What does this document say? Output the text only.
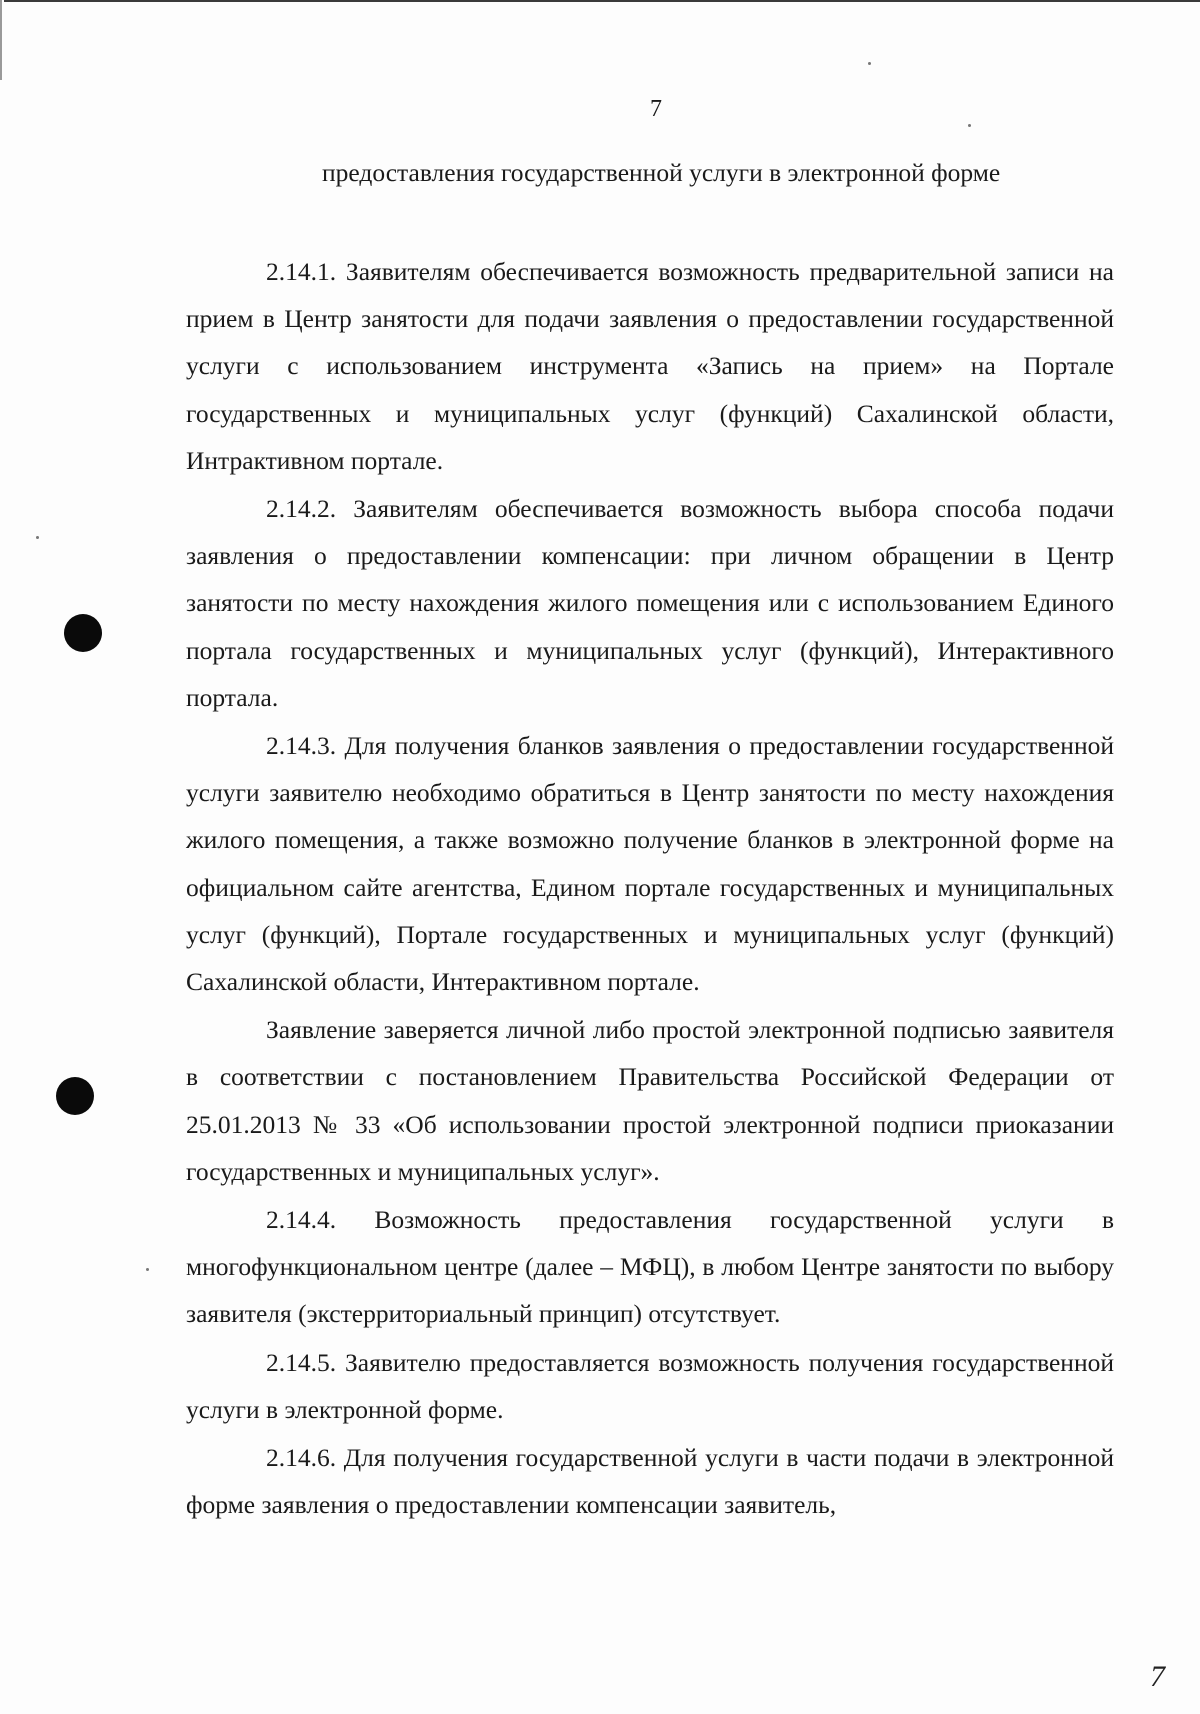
7
предоставления государственной услуги в электронной форме

2.14.1. Заявителям обеспечивается возможность предварительной записи на прием в Центр занятости для подачи заявления о предоставлении государственной услуги с использованием инструмента «Запись на прием» на Портале государственных и муниципальных услуг (функций) Сахалинской области, Интрактивном портале.

2.14.2. Заявителям обеспечивается возможность выбора способа подачи заявления о предоставлении компенсации: при личном обращении в Центр занятости по месту нахождения жилого помещения или с использованием Единого портала государственных и муниципальных услуг (функций), Интерактивного портала.

2.14.3. Для получения бланков заявления о предоставлении государственной услуги заявителю необходимо обратиться в Центр занятости по месту нахождения жилого помещения, а также возможно получение бланков в электронной форме на официальном сайте агентства, Едином портале государственных и муниципальных услуг (функций), Портале государственных и муниципальных услуг (функций) Сахалинской области, Интерактивном портале.

Заявление заверяется личной либо простой электронной подписью заявителя в соответствии с постановлением Правительства Российской Федерации от 25.01.2013 № 33 «Об использовании простой электронной подписи приоказании государственных и муниципальных услуг».

2.14.4. Возможность предоставления государственной услуги в многофункциональном центре (далее – МФЦ), в любом Центре занятости по выбору заявителя (экстерриториальный принцип) отсутствует.

2.14.5. Заявителю предоставляется возможность получения государственной услуги в электронной форме.

2.14.6. Для получения государственной услуги в части подачи в электронной форме заявления о предоставлении компенсации заявитель,

7
